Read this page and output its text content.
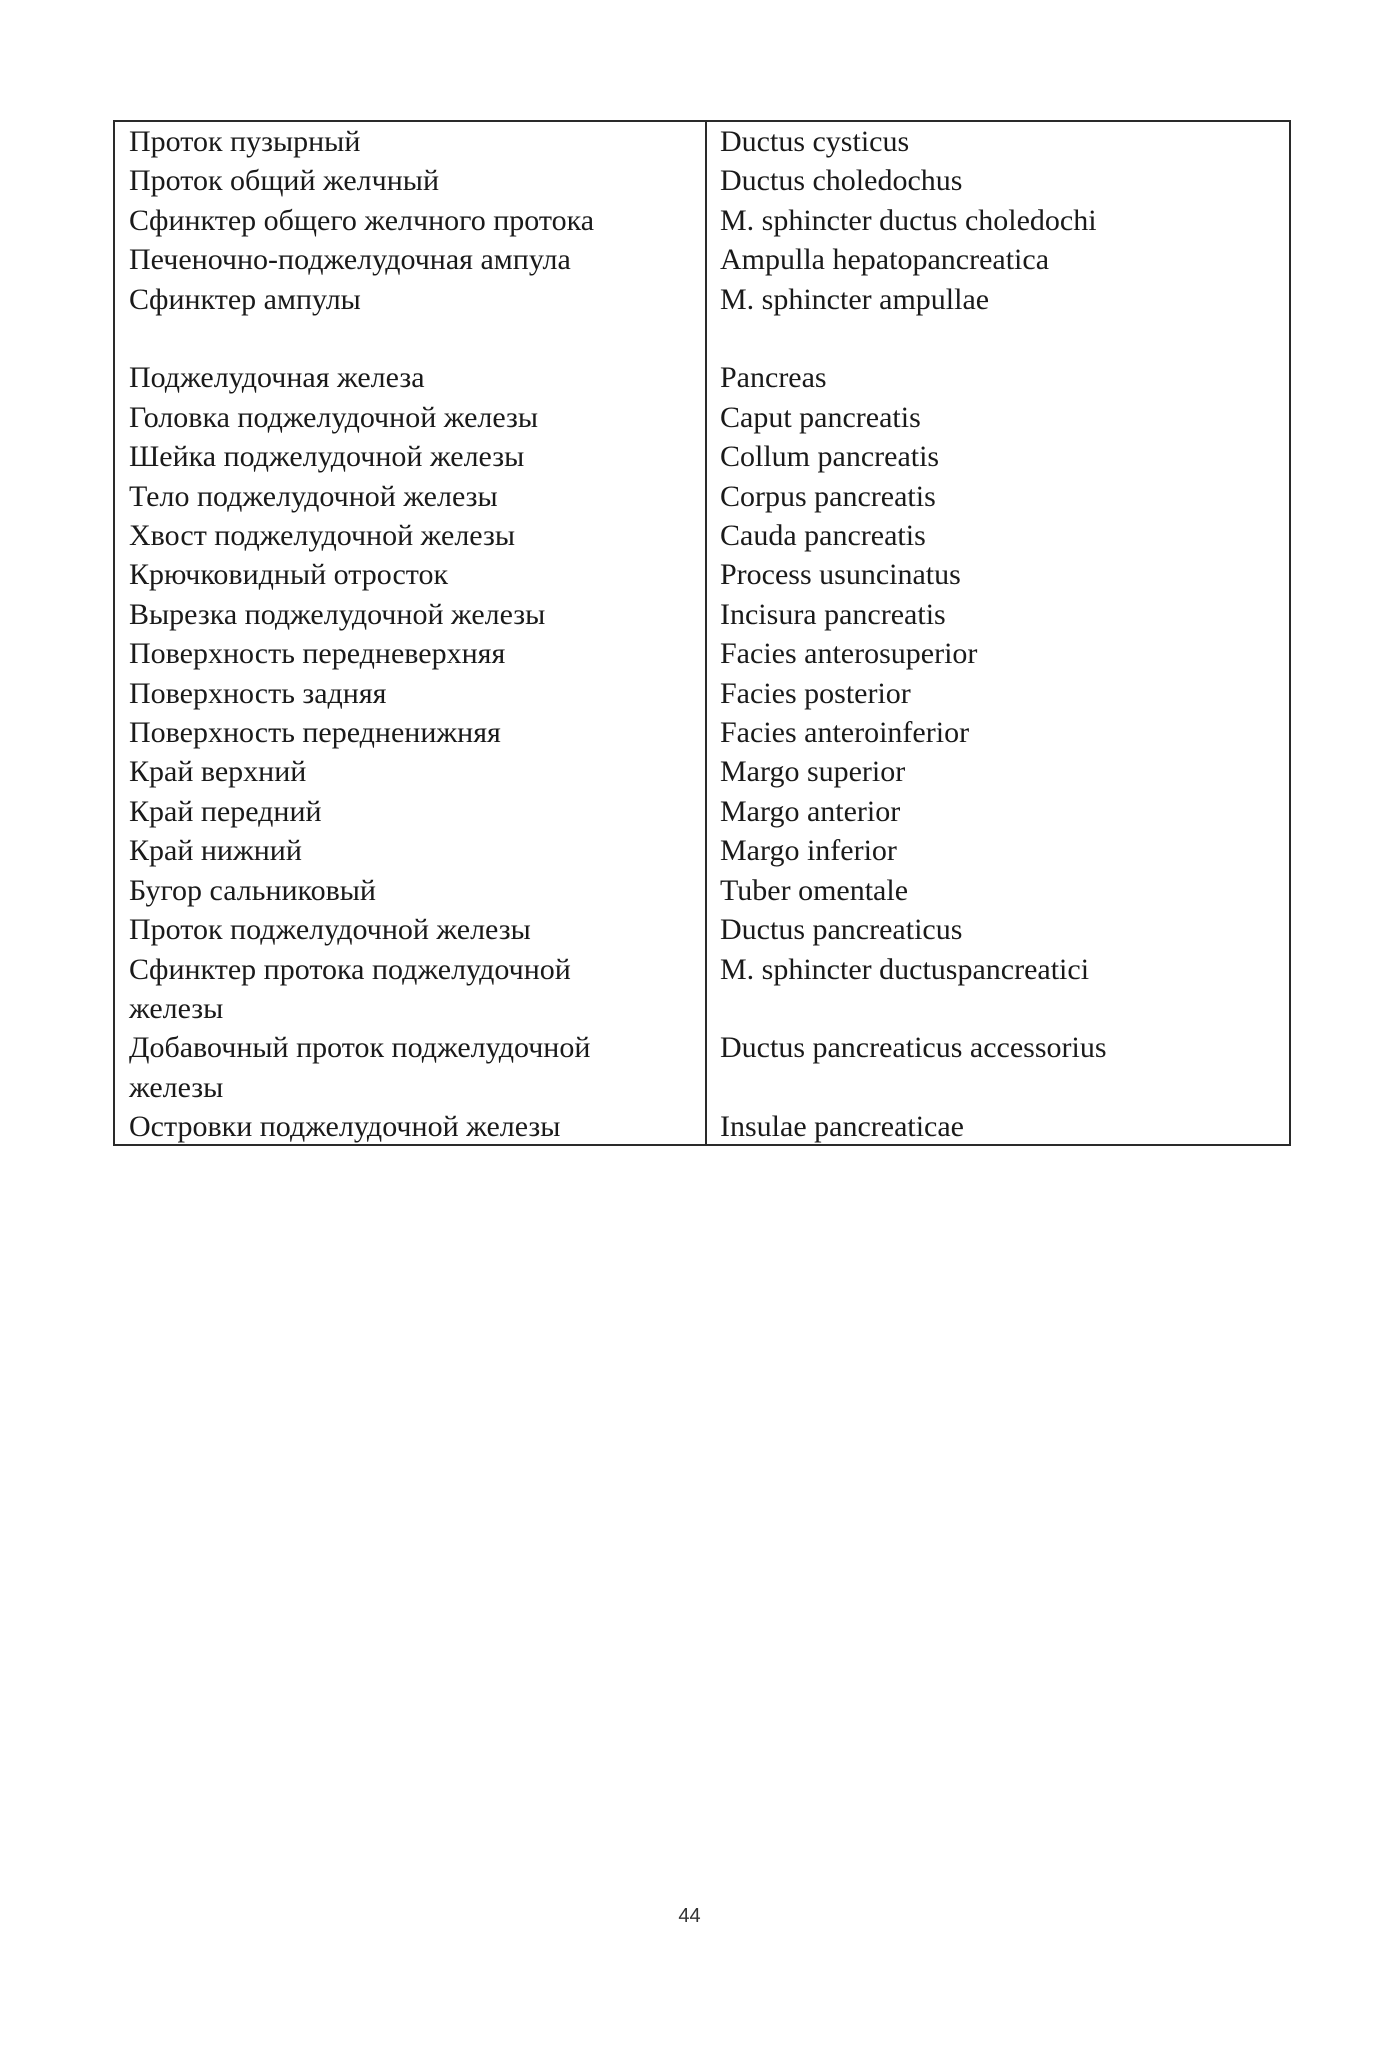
Проток пузырный
Проток общий желчный
Сфинктер общего желчного протока
Печеночно-поджелудочная ампула
Сфинктер ампулы
Поджелудочная железа
Головка поджелудочной железы
Шейка поджелудочной железы
Тело поджелудочной железы
Хвост поджелудочной железы
Крючковидный отросток
Вырезка поджелудочной железы
Поверхность передневерхняя
Поверхность задняя
Поверхность передненижняя
Край верхний
Край передний
Край нижний
Бугор сальниковый
Проток поджелудочной железы
Сфинктер протока поджелудочной
железы
Добавочный проток поджелудочной
железы
Островки поджелудочной железы
Ductus cysticus
Ductus choledochus
M. sphincter ductus choledochi
Ampulla hepatopancreatica
M. sphincter ampullae
Pancreas
Caput pancreatis
Collum pancreatis
Corpus pancreatis
Cauda pancreatis
Process usuncinatus
Incisura pancreatis
Facies anterosuperior
Facies posterior
Facies anteroinferior
Margo superior
Margo anterior
Margo inferior
Tuber omentale
Ductus pancreaticus
M. sphincter ductuspancreatici
Ductus pancreaticus accessorius
Insulae pancreaticae
44
